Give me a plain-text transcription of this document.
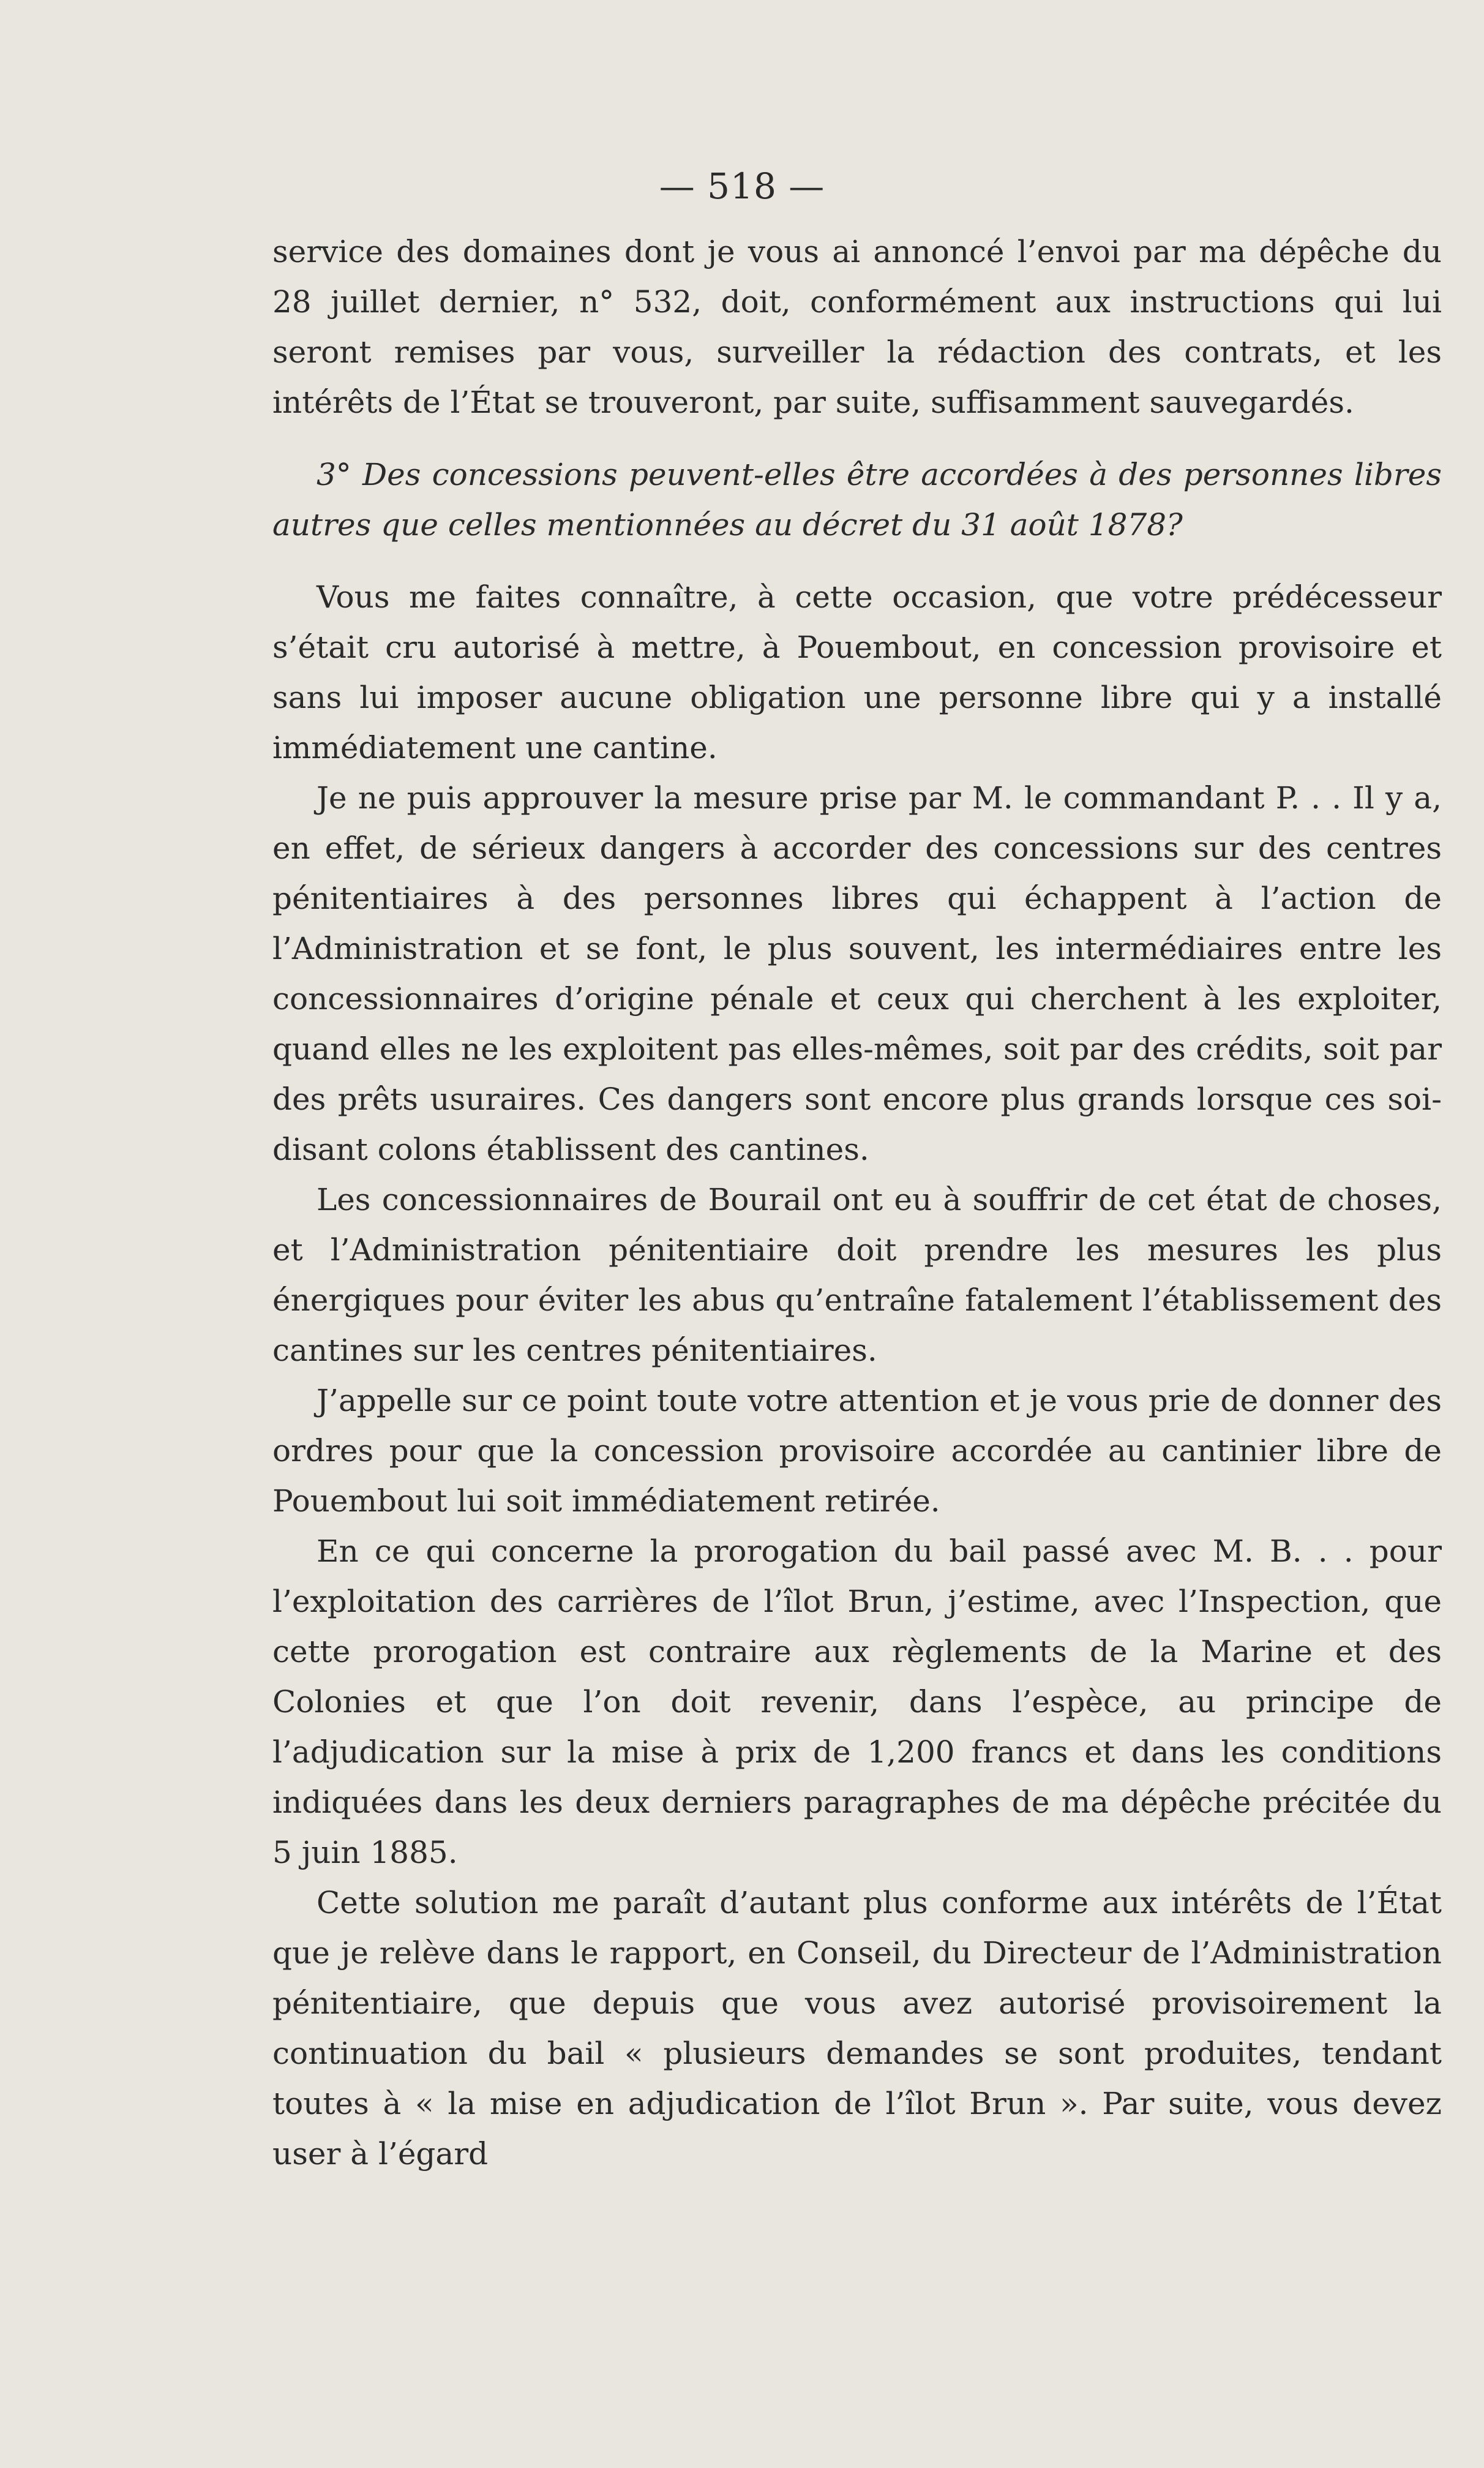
— 518 —

service des domaines dont je vous ai annoncé l’envoi par ma dépêche du 28 juillet dernier, n° 532, doit, conformément aux instructions qui lui seront remises par vous, surveiller la rédaction des contrats, et les intérêts de l’État se trouveront, par suite, suffisamment sauvegardés.

3° Des concessions peuvent-elles être accordées à des personnes libres autres que celles mentionnées au décret du 31 août 1878?

Vous me faites connaître, à cette occasion, que votre prédécesseur s’était cru autorisé à mettre, à Pouembout, en concession provisoire et sans lui imposer aucune obligation une personne libre qui y a installé immédiatement une cantine.

Je ne puis approuver la mesure prise par M. le commandant P. . . Il y a, en effet, de sérieux dangers à accorder des concessions sur des centres pénitentiaires à des personnes libres qui échappent à l’action de l’Administration et se font, le plus souvent, les intermédiaires entre les concessionnaires d’origine pénale et ceux qui cherchent à les exploiter, quand elles ne les exploitent pas elles-mêmes, soit par des crédits, soit par des prêts usuraires. Ces dangers sont encore plus grands lorsque ces soi-disant colons établissent des cantines.

Les concessionnaires de Bourail ont eu à souffrir de cet état de choses, et l’Administration pénitentiaire doit prendre les mesures les plus énergiques pour éviter les abus qu’entraîne fatalement l’établissement des cantines sur les centres pénitentiaires.

J’appelle sur ce point toute votre attention et je vous prie de donner des ordres pour que la concession provisoire accordée au cantinier libre de Pouembout lui soit immédiatement retirée.

En ce qui concerne la prorogation du bail passé avec M. B. . . pour l’exploitation des carrières de l’îlot Brun, j’estime, avec l’Inspection, que cette prorogation est contraire aux règlements de la Marine et des Colonies et que l’on doit revenir, dans l’espèce, au principe de l’adjudication sur la mise à prix de 1,200 francs et dans les conditions indiquées dans les deux derniers paragraphes de ma dépêche précitée du 5 juin 1885.

Cette solution me paraît d’autant plus conforme aux intérêts de l’État que je relève dans le rapport, en Conseil, du Directeur de l’Administration pénitentiaire, que depuis que vous avez autorisé provisoirement la continuation du bail « plusieurs demandes se sont produites, tendant toutes à « la mise en adjudication de l’îlot Brun ». Par suite, vous devez user à l’égard
